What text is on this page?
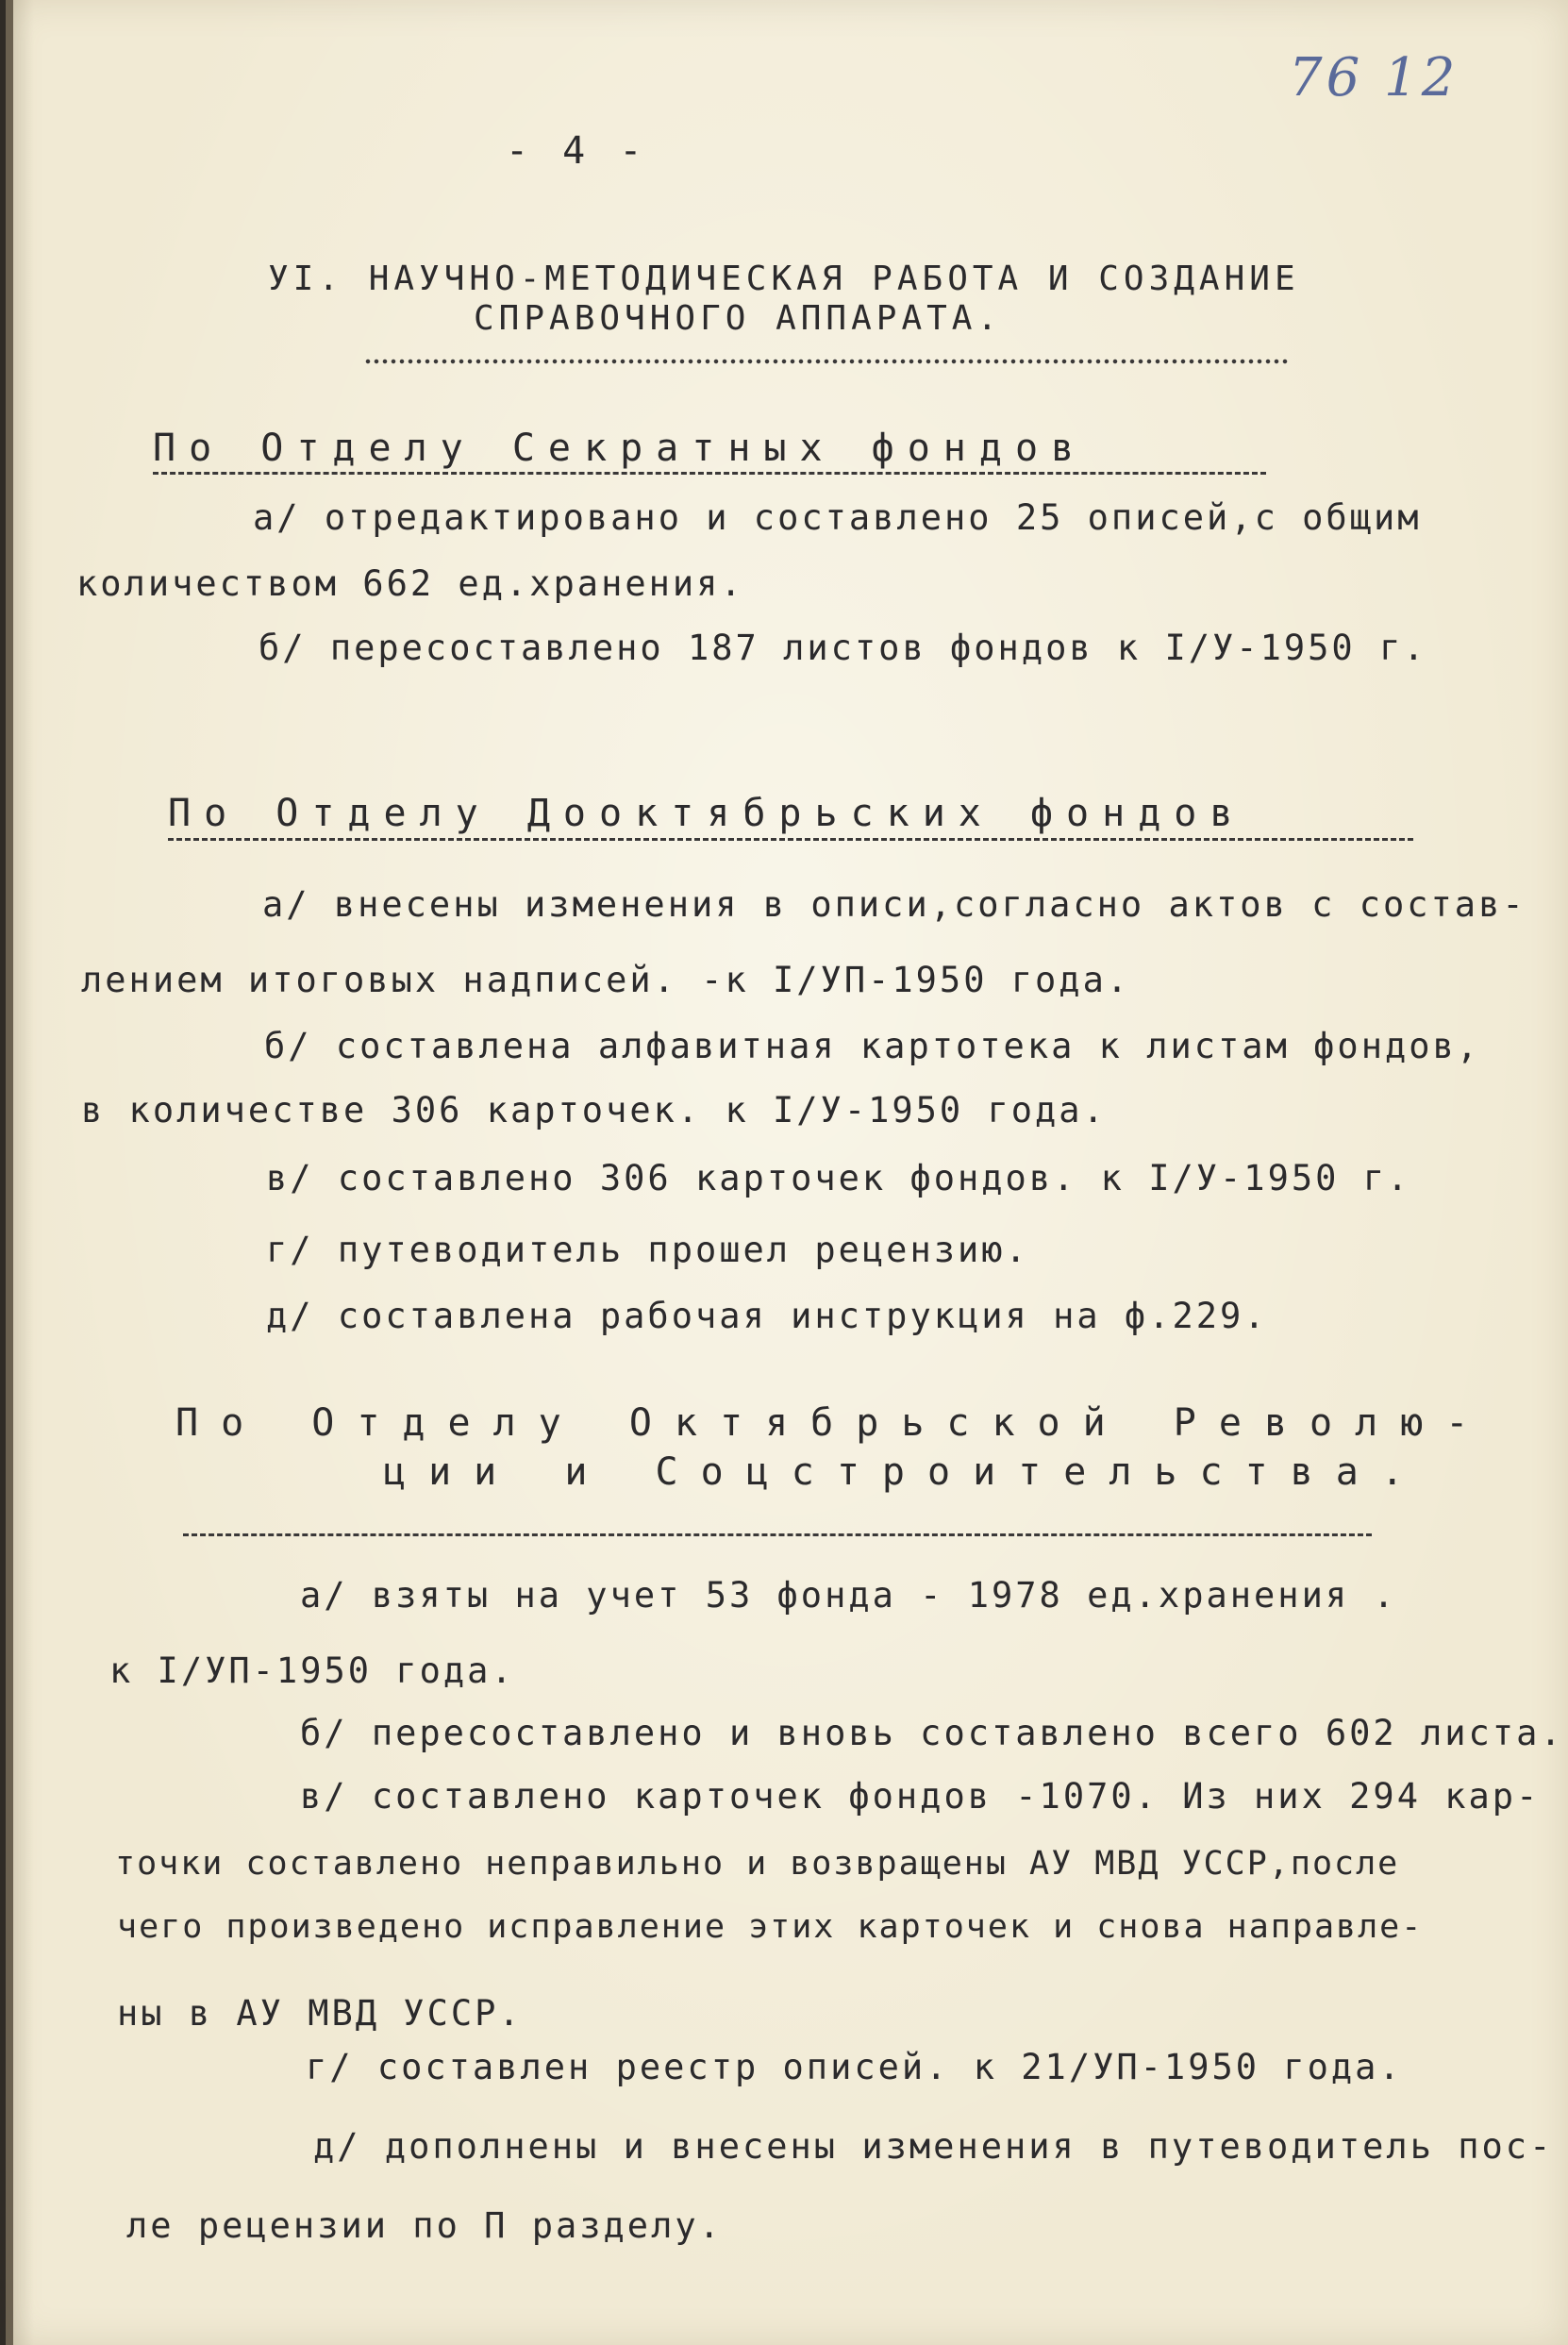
76 12
- 4 -
УІ. НАУЧНО-МЕТОДИЧЕСКАЯ РАБОТА И СОЗДАНИЕ
СПРАВОЧНОГО АППАРАТА.
По Отделу Секратных фондов
а/ отредактировано и составлено 25 описей,с общим
количеством 662 ед.хранения.
б/ пересоставлено 187 листов фондов к І/У-1950 г.
По Отделу Дооктябрьских фондов
а/ внесены изменения в описи,согласно актов с состав-
лением итоговых надписей. -к І/УП-1950 года.
б/ составлена алфавитная картотека к листам фондов,
в количестве 306 карточек. к І/У-1950 года.
в/ составлено 306 карточек фондов. к І/У-1950 г.
г/ путеводитель прошел рецензию.
д/ составлена рабочая инструкция на ф.229.
По Отделу Октябрьской Револю-
ции и Соцстроительства.
а/ взяты на учет 53 фонда - 1978 ед.хранения .
к І/УП-1950 года.
б/ пересоставлено и вновь составлено всего 602 листа.
в/ составлено карточек фондов -1070. Из них 294 кар-
точки составлено неправильно и возвращены АУ МВД УССР,после
чего произведено исправление этих карточек и снова направле-
ны в АУ МВД УССР.
г/ составлен реестр описей. к 21/УП-1950 года.
д/ дополнены и внесены изменения в путеводитель пос-
ле рецензии по П разделу.
